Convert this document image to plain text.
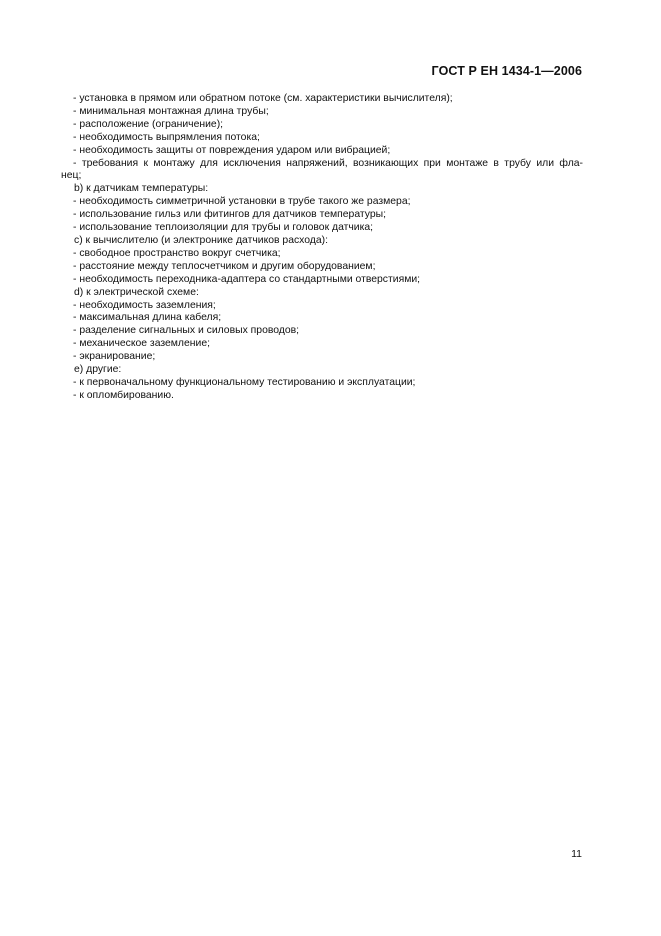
ГОСТ Р ЕН 1434-1—2006
- установка в прямом или обратном потоке (см. характеристики вычислителя);
- минимальная монтажная длина трубы;
- расположение (ограничение);
- необходимость выпрямления потока;
- необходимость защиты от повреждения ударом или вибрацией;
- требования к монтажу для исключения напряжений, возникающих при монтаже в трубу или фла-
нец;
b) к датчикам температуры:
- необходимость симметричной установки в трубе такого же размера;
- использование гильз или фитингов для датчиков температуры;
- использование теплоизоляции для трубы и головок датчика;
c) к вычислителю (и электронике датчиков расхода):
- свободное пространство вокруг счетчика;
- расстояние между теплосчетчиком и другим оборудованием;
- необходимость переходника-адаптера со стандартными отверстиями;
d) к электрической схеме:
- необходимость заземления;
- максимальная длина кабеля;
- разделение сигнальных и силовых проводов;
- механическое заземление;
- экранирование;
e) другие:
- к первоначальному функциональному тестированию и эксплуатации;
- к опломбированию.
11
